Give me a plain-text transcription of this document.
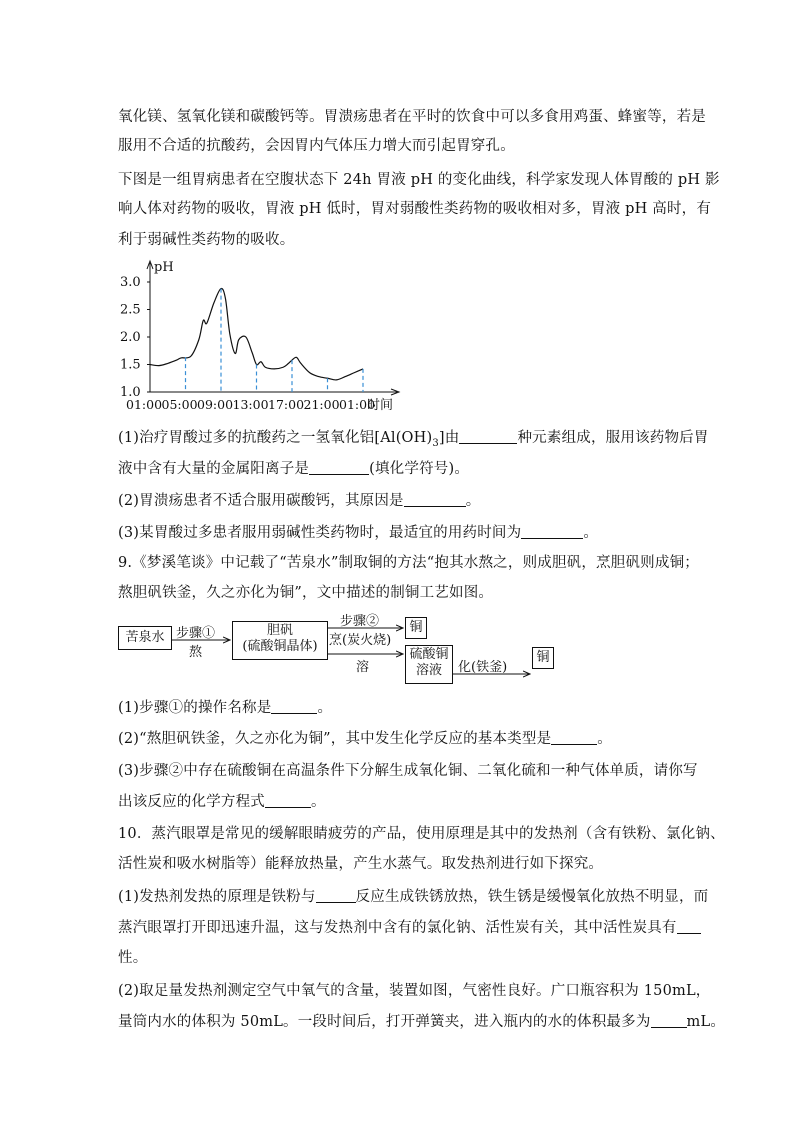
氧化镁、氢氧化镁和碳酸钙等。胃溃疡患者在平时的饮食中可以多食用鸡蛋、蜂蜜等，若是
服用不合适的抗酸药，会因胃内气体压力增大而引起胃穿孔。
下图是一组胃病患者在空腹状态下 24h 胃液 pH 的变化曲线，科学家发现人体胃酸的 pH 影
响人体对药物的吸收，胃液 pH 低时，胃对弱酸性类药物的吸收相对多，胃液 pH 高时，有
利于弱碱性类药物的吸收。
pH
1.0
1.5
2.0
2.5
3.0
01:00 05:00 09:00 13:00 17:00 21:00 01:00
时间
(1)治疗胃酸过多的抗酸药之一氢氧化铝$[Al(OH)_3]$由	种元素组成，服用该药物后胃
液中含有大量的金属阳离子是	(填化学符号)。
(2)胃溃疡患者不适合服用碳酸钙，其原因是	。
(3)某胃酸过多患者服用弱碱性类药物时，最适宜的用药时间为	。
9.《梦溪笔谈》中记载了“苦泉水”制取铜的方法“抱其水熬之，则成胆矾，烹胆矾则成铜；
熬胆矾铁釜，久之亦化为铜”，文中描述的制铜工艺如图。
苦泉水 步骤①
熬
胆矾
(硫酸铜晶体)
步骤②
烹(炭火烧)
铜
溶
硫酸铜
溶液	化(铁釜)
铜
(1)步骤①的操作名称是	。
(2)“熬胆矾铁釜，久之亦化为铜”，其中发生化学反应的基本类型是	。
(3)步骤②中存在硫酸铜在高温条件下分解生成氧化铜、二氧化硫和一种气体单质，请你写
出该反应的化学方程式	。
10．蒸汽眼罩是常见的缓解眼睛疲劳的产品，使用原理是其中的发热剂（含有铁粉、氯化钠、
活性炭和吸水树脂等）能释放热量，产生水蒸气。取发热剂进行如下探究。
(1)发热剂发热的原理是铁粉与	反应生成铁锈放热，铁生锈是缓慢氧化放热不明显，而
蒸汽眼罩打开即迅速升温，这与发热剂中含有的氯化钠、活性炭有关，其中活性炭具有
性。
(2)取足量发热剂测定空气中氧气的含量，装置如图，气密性良好。广口瓶容积为 150mL，
量筒内水的体积为 50mL。一段时间后，打开弹簧夹，进入瓶内的水的体积最多为 mL。
